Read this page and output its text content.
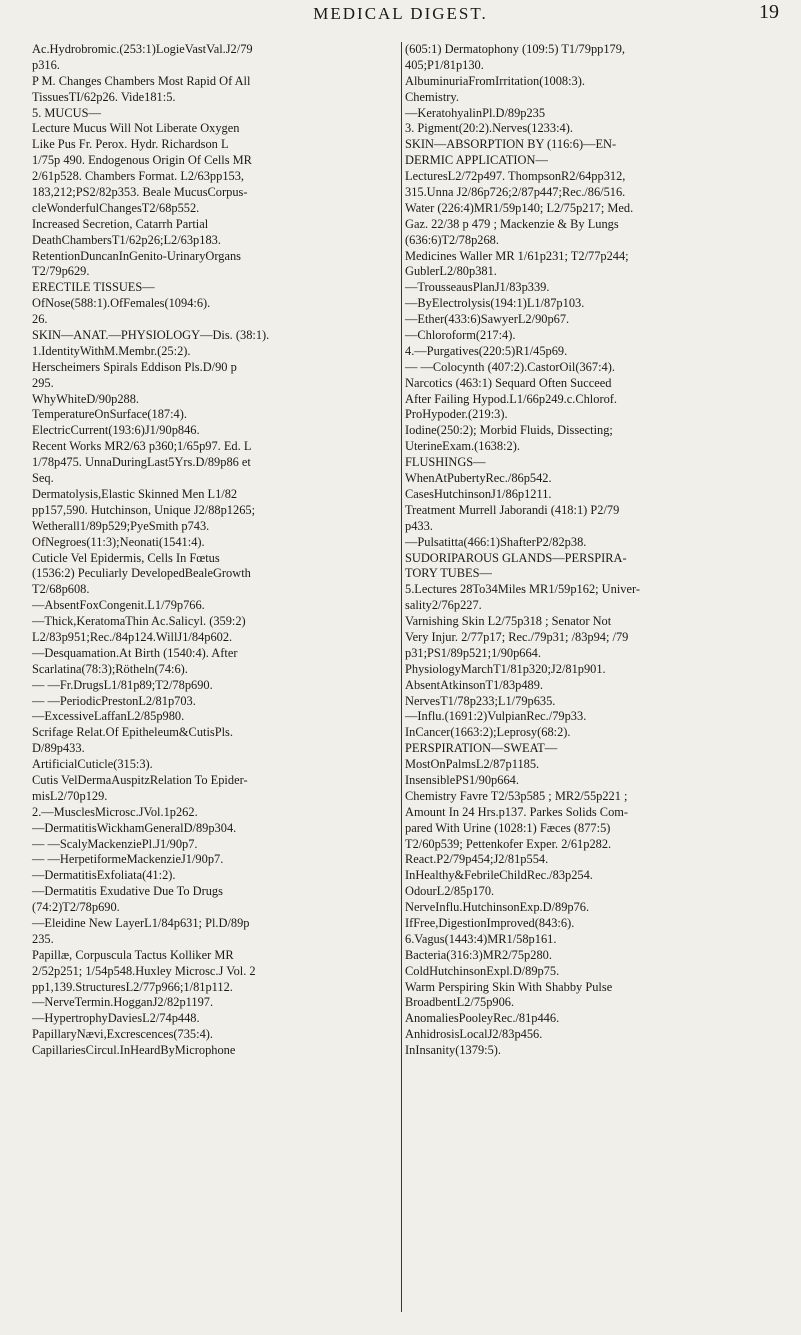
MEDICAL DIGEST.	19
Ac.Hydrobromic.(253:1)LogieVastVal.J2/79
p316.
P M. Changes Chambers Most Rapid Of All
TissuesTI/62p26. Vide181:5.
5. MUCUS—
Lecture Mucus Will Not Liberate Oxygen
Like Pus Fr. Perox. Hydr. Richardson L
1/75p 490. Endogenous Origin Of Cells MR
2/61p528. Chambers Format. L2/63pp153,
183,212;PS2/82p353. Beale MucusCorpus-
cleWonderfulChangesT2/68p552.
Increased Secretion, Catarrh Partial
DeathChambersT1/62p26;L2/63p183.
RetentionDuncanInGenito-UrinaryOrgans
T2/79p629.
ERECTILE TISSUES—
OfNose(588:1).OfFemales(1094:6).
26.
SKIN—ANAT.—PHYSIOLOGY—Dis. (38:1).
1.IdentityWithM.Membr.(25:2).
Herscheimers Spirals Eddison Pls.D/90 p
295.
WhyWhiteD/90p288.
TemperatureOnSurface(187:4).
ElectricCurrent(193:6)J1/90p846.
Recent Works MR2/63 p360;1/65p97. Ed. L
1/78p475. UnnaDuringLast5Yrs.D/89p86 et
Seq.
Dermatolysis,Elastic Skinned Men L1/82
pp157,590. Hutchinson, Unique J2/88p1265;
Wetherall1/89p529;PyeSmith p743.
OfNegroes(11:3);Neonati(1541:4).
Cuticle Vel Epidermis, Cells In Fœtus
(1536:2) Peculiarly DevelopedBealeGrowth
T2/68p608.
—AbsentFoxCongenit.L1/79p766.
—Thick,KeratomaThin Ac.Salicyl. (359:2)
L2/83p951;Rec./84p124.WillJ1/84p602.
—Desquamation.At Birth (1540:4). After
Scarlatina(78:3);Rötheln(74:6).
— —Fr.DrugsL1/81p89;T2/78p690.
— —PeriodicPrestonL2/81p703.
—ExcessiveLaffanL2/85p980.
Scrifage Relat.Of Epitheleum&CutisPls.
D/89p433.
ArtificialCuticle(315:3).
Cutis VelDermaAuspitzRelation To Epider-
misL2/70p129.
2.—MusclesMicrosc.JVol.1p262.
—DermatitisWickhamGeneralD/89p304.
— —ScalyMackenziePl.J1/90p7.
— —HerpetiformeMackenzieJ1/90p7.
—DermatitisExfoliata(41:2).
—Dermatitis Exudative Due To Drugs
(74:2)T2/78p690.
—Eleidine New LayerL1/84p631; Pl.D/89p
235.
Papillæ, Corpuscula Tactus Kolliker MR
2/52p251; 1/54p548.Huxley Microsc.J Vol. 2
pp1,139.StructuresL2/77p966;1/81p112.
—NerveTermin.HogganJ2/82p1197.
—HypertrophyDaviesL2/74p448.
PapillaryNævi,Excrescences(735:4).
CapillariesCircul.InHeardByMicrophone
(605:1) Dermatophony (109:5) T1/79pp179,
405;P1/81p130.
AlbuminuriaFromIrritation(1008:3).
Chemistry.
—KeratohyalinPl.D/89p235
3. Pigment(20:2).Nerves(1233:4).
SKIN—ABSORPTION BY (116:6)—EN-
DERMIC APPLICATION—
LecturesL2/72p497. ThompsonR2/64pp312,
315.Unna J2/86p726;2/87p447;Rec./86/516.
Water (226:4)MR1/59p140; L2/75p217; Med.
Gaz. 22/38 p 479 ; Mackenzie & By Lungs
(636:6)T2/78p268.
Medicines Waller MR 1/61p231; T2/77p244;
GublerL2/80p381.
—TrousseausPlanJ1/83p339.
—ByElectrolysis(194:1)L1/87p103.
—Ether(433:6)SawyerL2/90p67.
—Chloroform(217:4).
4.—Purgatives(220:5)R1/45p69.
— —Colocynth (407:2).CastorOil(367:4).
Narcotics (463:1) Sequard Often Succeed
After Failing Hypod.L1/66p249.c.Chlorof.
ProHypoder.(219:3).
Iodine(250:2); Morbid Fluids, Dissecting;
UterineExam.(1638:2).
FLUSHINGS—
WhenAtPubertyRec./86p542.
CasesHutchinsonJ1/86p1211.
Treatment Murrell Jaborandi (418:1) P2/79
p433.
—Pulsatitta(466:1)ShafterP2/82p38.
SUDORIPAROUS GLANDS—PERSPIRA-
TORY TUBES—
5.Lectures 28To34Miles MR1/59p162; Univer-
sality2/76p227.
Varnishing Skin L2/75p318 ; Senator Not
Very Injur. 2/77p17; Rec./79p31; /83p94; /79
p31;PS1/89p521;1/90p664.
PhysiologyMarchT1/81p320;J2/81p901.
AbsentAtkinsonT1/83p489.
NervesT1/78p233;L1/79p635.
—Influ.(1691:2)VulpianRec./79p33.
InCancer(1663:2);Leprosy(68:2).
PERSPIRATION—SWEAT—
MostOnPalmsL2/87p1185.
InsensiblePS1/90p664.
Chemistry Favre T2/53p585 ; MR2/55p221 ;
Amount In 24 Hrs.p137. Parkes Solids Com-
pared With Urine (1028:1) Fæces (877:5)
T2/60p539; Pettenkofer Exper. 2/61p282.
React.P2/79p454;J2/81p554.
InHealthy&FebrileChildRec./83p254.
OdourL2/85p170.
NerveInflu.HutchinsonExp.D/89p76.
IfFree,DigestionImproved(843:6).
6.Vagus(1443:4)MR1/58p161.
Bacteria(316:3)MR2/75p280.
ColdHutchinsonExpl.D/89p75.
Warm Perspiring Skin With Shabby Pulse
BroadbentL2/75p906.
AnomaliesPooleyRec./81p446.
AnhidrosisLocalJ2/83p456.
InInsanity(1379:5).
